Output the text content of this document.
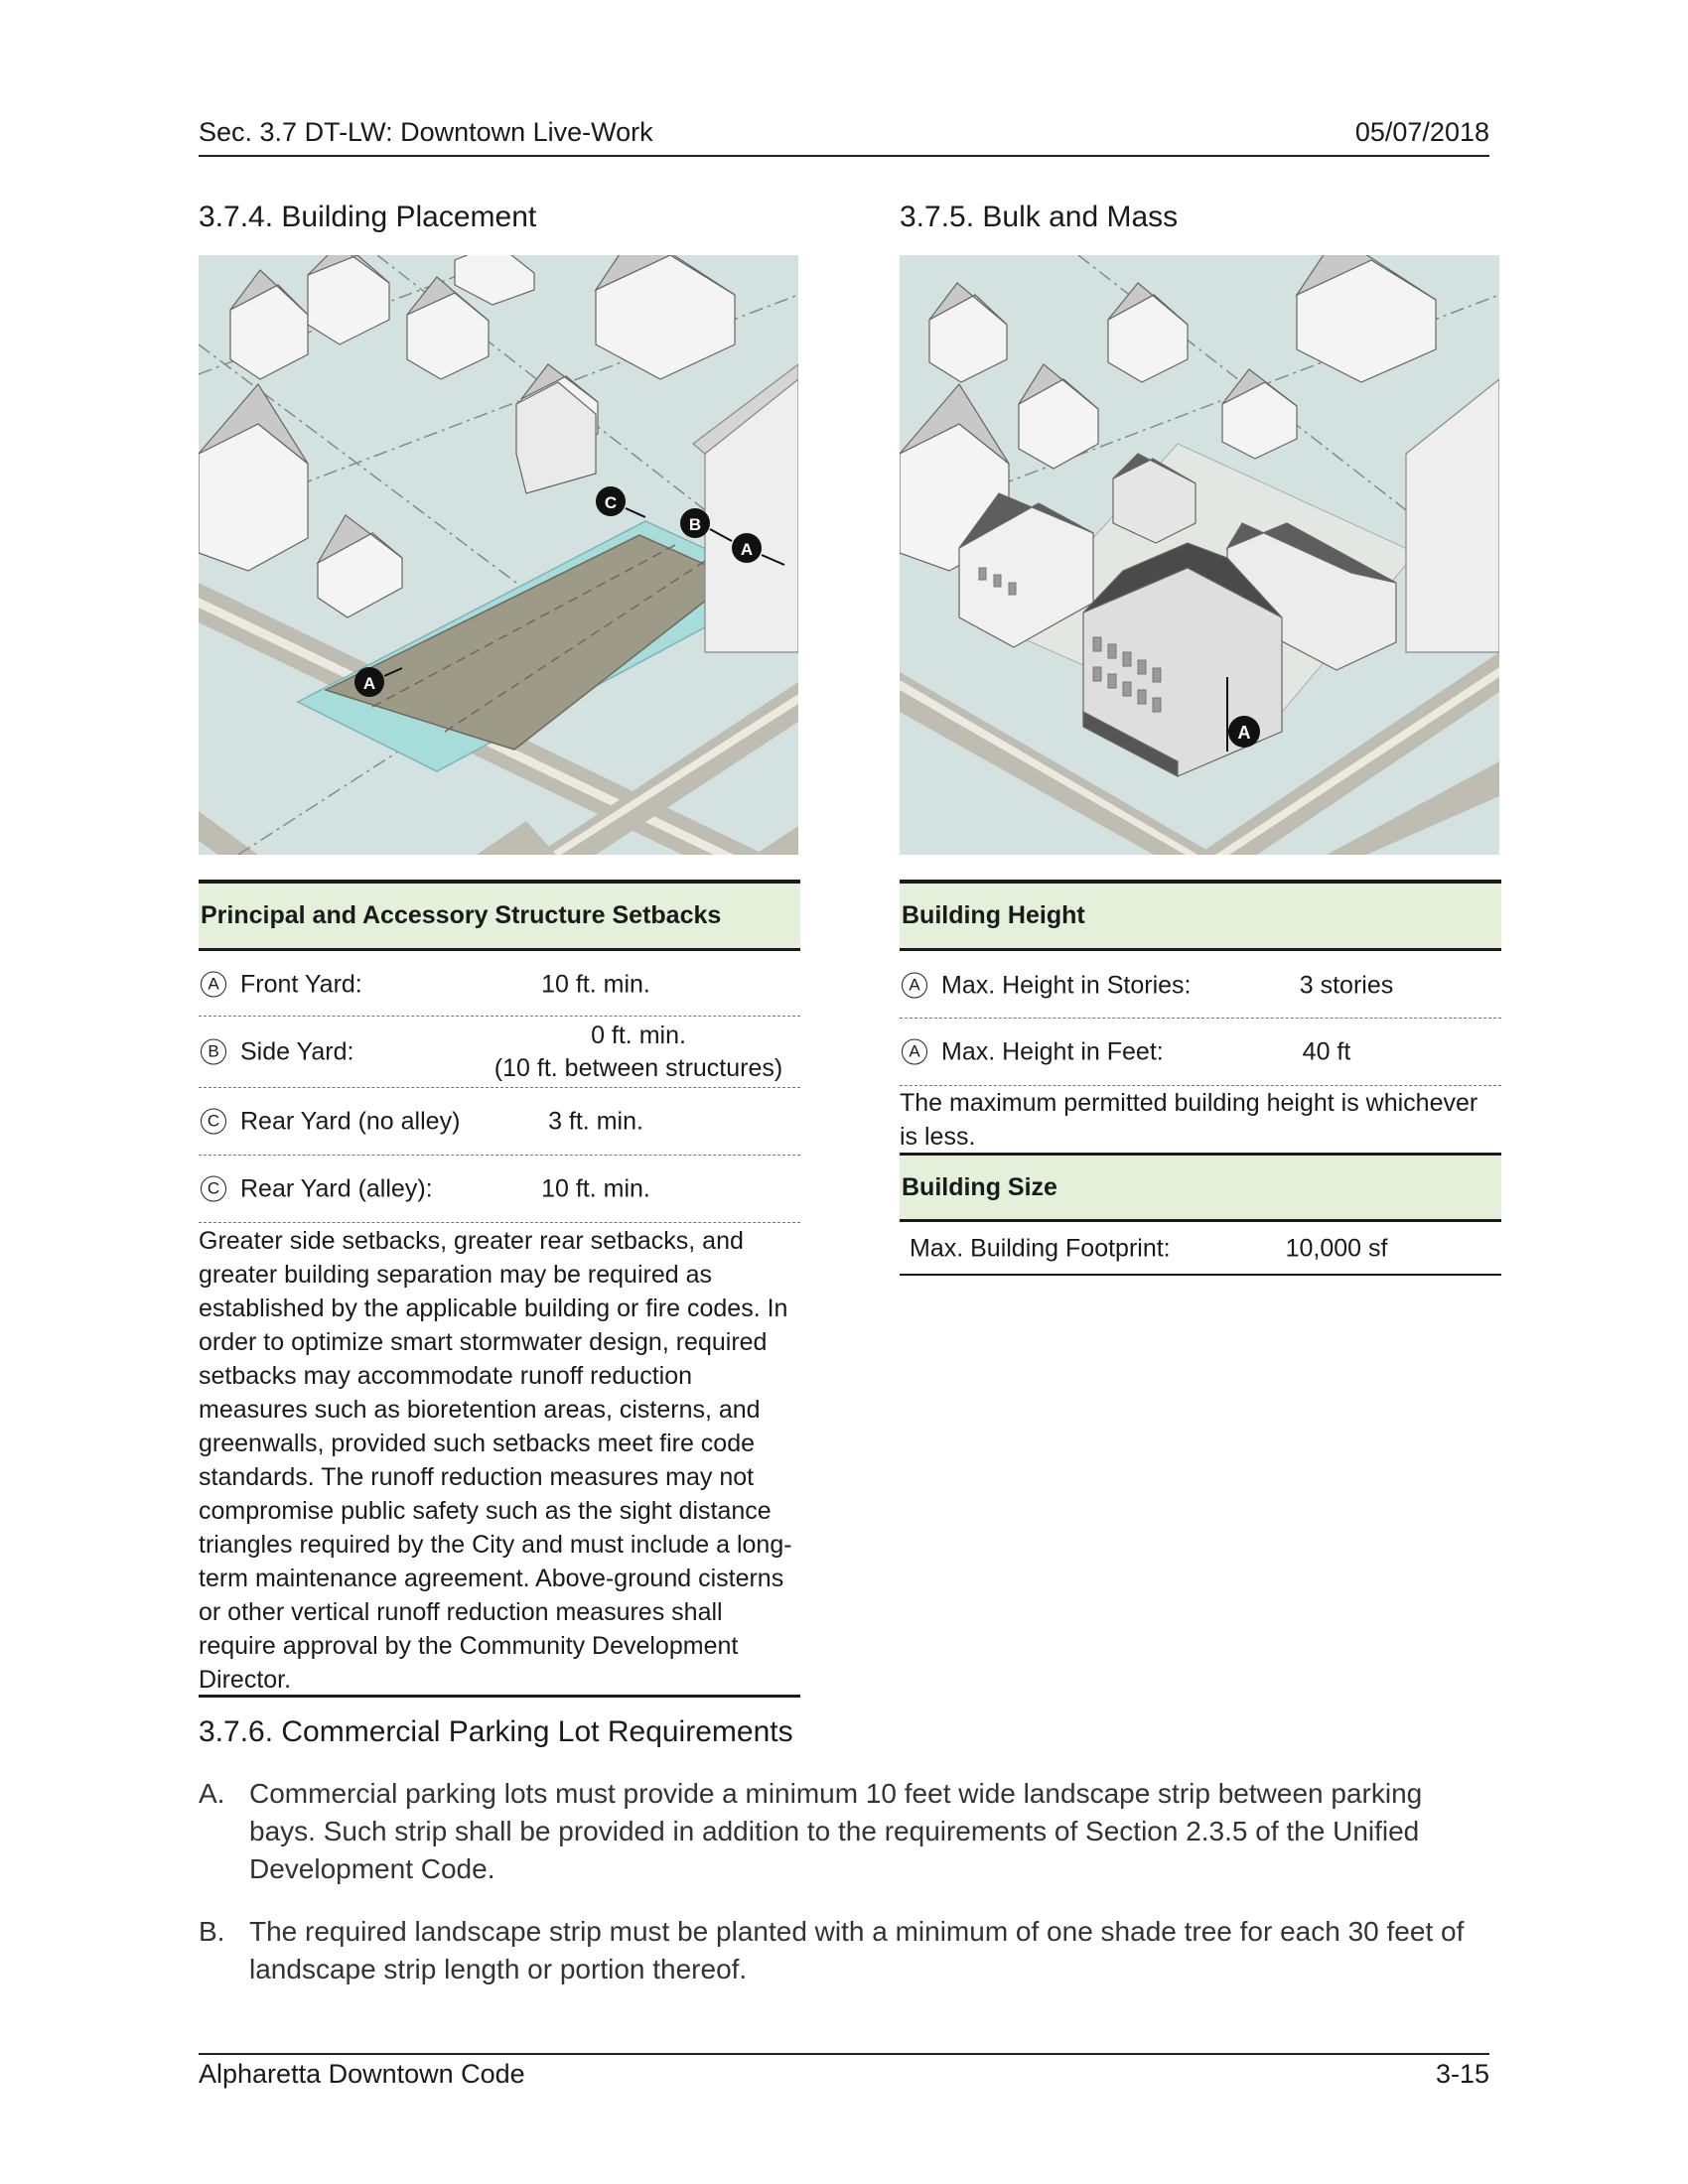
Sec. 3.7 DT-LW: Downtown Live-Work	05/07/2018
3.7.4. Building Placement
C
B
A
A
Principal and Accessory Structure Setbacks
A Front Yard:	10 ft. min.
B Side Yard:
0 ft. min.
(10 ft. between structures)
C Rear Yard (no alley)	3 ft. min.
C Rear Yard (alley):	10 ft. min.
Greater side setbacks, greater rear setbacks, and greater building separation may be required as established by the applicable building or fire codes. In order to optimize smart stormwater design, required setbacks may accommodate runoff reduction measures such as bioretention areas, cisterns, and greenwalls, provided such setbacks meet fire code standards. The runoff reduction measures may not compromise public safety such as the sight distance triangles required by the City and must include a long-term maintenance agreement. Above-ground cisterns or other vertical runoff reduction measures shall require approval by the Community Development Director.
3.7.5. Bulk and Mass
A
Building Height
A Max. Height in Stories:	3 stories
A Max. Height in Feet:	40 ft
The maximum permitted building height is whichever is less.
Building Size
Max. Building Footprint:	10,000 sf
3.7.6. Commercial Parking Lot Requirements
A. Commercial parking lots must provide a minimum 10 feet wide landscape strip between parking bays. Such strip shall be provided in addition to the requirements of Section 2.3.5 of the Unified Development Code.
B. The required landscape strip must be planted with a minimum of one shade tree for each 30 feet of landscape strip length or portion thereof.
Alpharetta Downtown Code	3-15
